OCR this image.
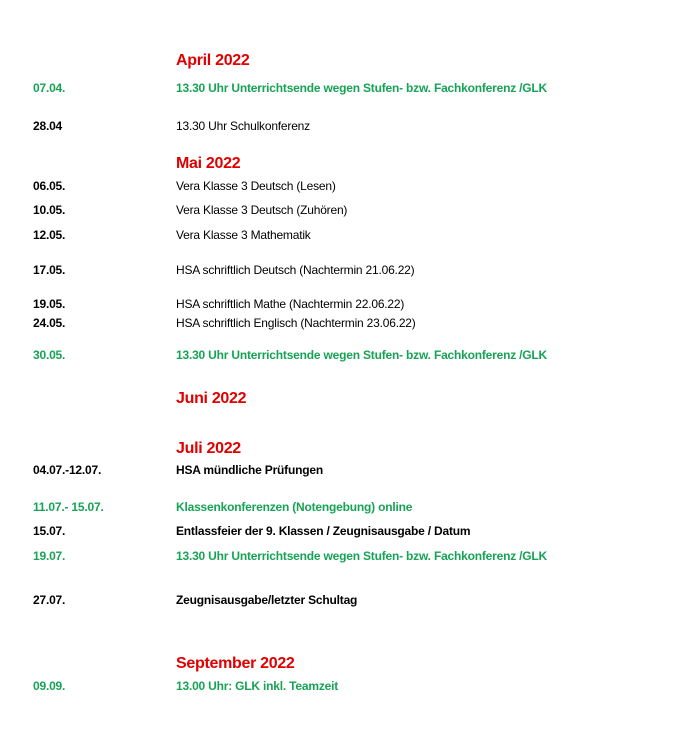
April 2022
07.04.	13.30 Uhr Unterrichtsende wegen Stufen- bzw. Fachkonferenz /GLK
28.04	13.30 Uhr Schulkonferenz
Mai 2022
06.05.	Vera Klasse 3 Deutsch (Lesen)
10.05.	Vera Klasse 3 Deutsch (Zuhören)
12.05.	Vera Klasse 3 Mathematik
17.05.	HSA schriftlich Deutsch (Nachtermin 21.06.22)
19.05.	HSA schriftlich Mathe (Nachtermin 22.06.22)
24.05.	HSA schriftlich Englisch (Nachtermin 23.06.22)
30.05.	13.30 Uhr Unterrichtsende wegen Stufen- bzw. Fachkonferenz /GLK
Juni 2022
Juli 2022
04.07.-12.07.	HSA mündliche Prüfungen
11.07.- 15.07.	Klassenkonferenzen (Notengebung) online
15.07.	Entlassfeier der 9. Klassen / Zeugnisausgabe / Datum
19.07.	13.30 Uhr Unterrichtsende wegen Stufen- bzw. Fachkonferenz /GLK
27.07.	Zeugnisausgabe/letzter Schultag
September 2022
09.09.	13.00 Uhr: GLK inkl. Teamzeit
